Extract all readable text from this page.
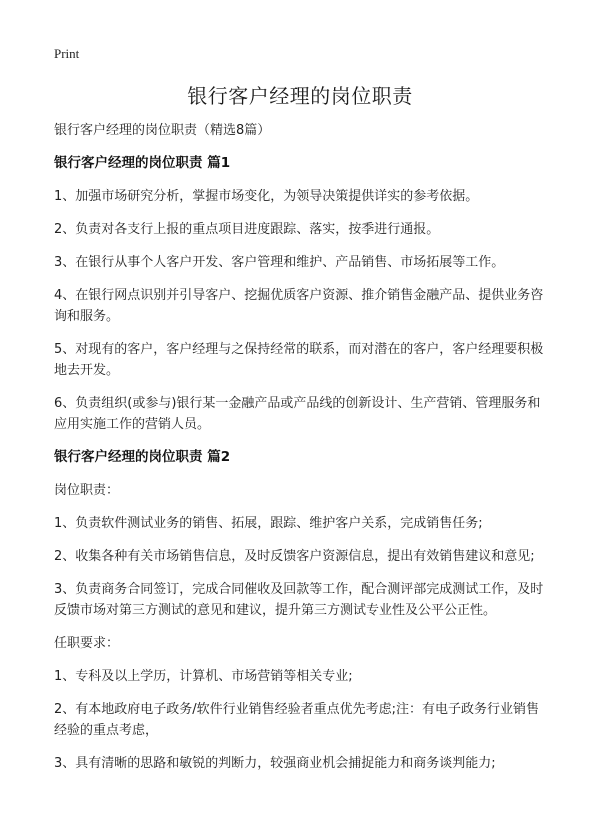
Print
银行客户经理的岗位职责

银行客户经理的岗位职责（精选8篇）

银行客户经理的岗位职责 篇1

1、加强市场研究分析，掌握市场变化，为领导决策提供详实的参考依据。

2、负责对各支行上报的重点项目进度跟踪、落实，按季进行通报。

3、在银行从事个人客户开发、客户管理和维护、产品销售、市场拓展等工作。

4、在银行网点识别并引导客户、挖掘优质客户资源、推介销售金融产品、提供业务咨询和服务。

5、对现有的客户，客户经理与之保持经常的联系，而对潜在的客户，客户经理要积极地去开发。

6、负责组织(或参与)银行某一金融产品或产品线的创新设计、生产营销、管理服务和应用实施工作的营销人员。

银行客户经理的岗位职责 篇2

岗位职责：

1、负责软件测试业务的销售、拓展，跟踪、维护客户关系，完成销售任务;

2、收集各种有关市场销售信息，及时反馈客户资源信息，提出有效销售建议和意见;

3、负责商务合同签订，完成合同催收及回款等工作，配合测评部完成测试工作，及时反馈市场对第三方测试的意见和建议，提升第三方测试专业性及公平公正性。

任职要求：

1、专科及以上学历，计算机、市场营销等相关专业;

2、有本地政府电子政务/软件行业销售经验者重点优先考虑;注：有电子政务行业销售经验的重点考虑，

3、具有清晰的思路和敏锐的判断力，较强商业机会捕捉能力和商务谈判能力;
